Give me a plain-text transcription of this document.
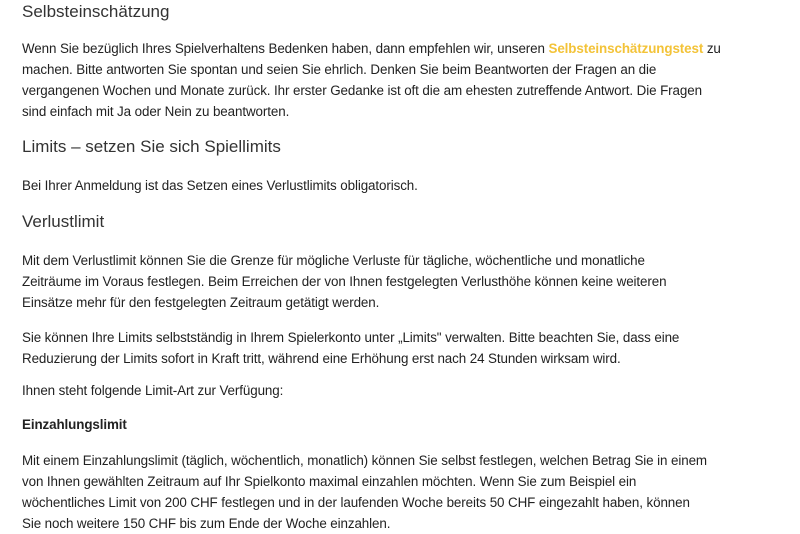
Selbsteinschätzung

Wenn Sie bezüglich Ihres Spielverhaltens Bedenken haben, dann empfehlen wir, unseren Selbsteinschätzungstest zu
machen. Bitte antworten Sie spontan und seien Sie ehrlich. Denken Sie beim Beantworten der Fragen an die
vergangenen Wochen und Monate zurück. Ihr erster Gedanke ist oft die am ehesten zutreffende Antwort. Die Fragen
sind einfach mit Ja oder Nein zu beantworten.

Limits – setzen Sie sich Spiellimits

Bei Ihrer Anmeldung ist das Setzen eines Verlustlimits obligatorisch.

Verlustlimit

Mit dem Verlustlimit können Sie die Grenze für mögliche Verluste für tägliche, wöchentliche und monatliche
Zeiträume im Voraus festlegen. Beim Erreichen der von Ihnen festgelegten Verlusthöhe können keine weiteren
Einsätze mehr für den festgelegten Zeitraum getätigt werden.

Sie können Ihre Limits selbstständig in Ihrem Spielerkonto unter „Limits" verwalten. Bitte beachten Sie, dass eine
Reduzierung der Limits sofort in Kraft tritt, während eine Erhöhung erst nach 24 Stunden wirksam wird.

Ihnen steht folgende Limit-Art zur Verfügung:

Einzahlungslimit

Mit einem Einzahlungslimit (täglich, wöchentlich, monatlich) können Sie selbst festlegen, welchen Betrag Sie in einem
von Ihnen gewählten Zeitraum auf Ihr Spielkonto maximal einzahlen möchten. Wenn Sie zum Beispiel ein
wöchentliches Limit von 200 CHF festlegen und in der laufenden Woche bereits 50 CHF eingezahlt haben, können
Sie noch weitere 150 CHF bis zum Ende der Woche einzahlen.
